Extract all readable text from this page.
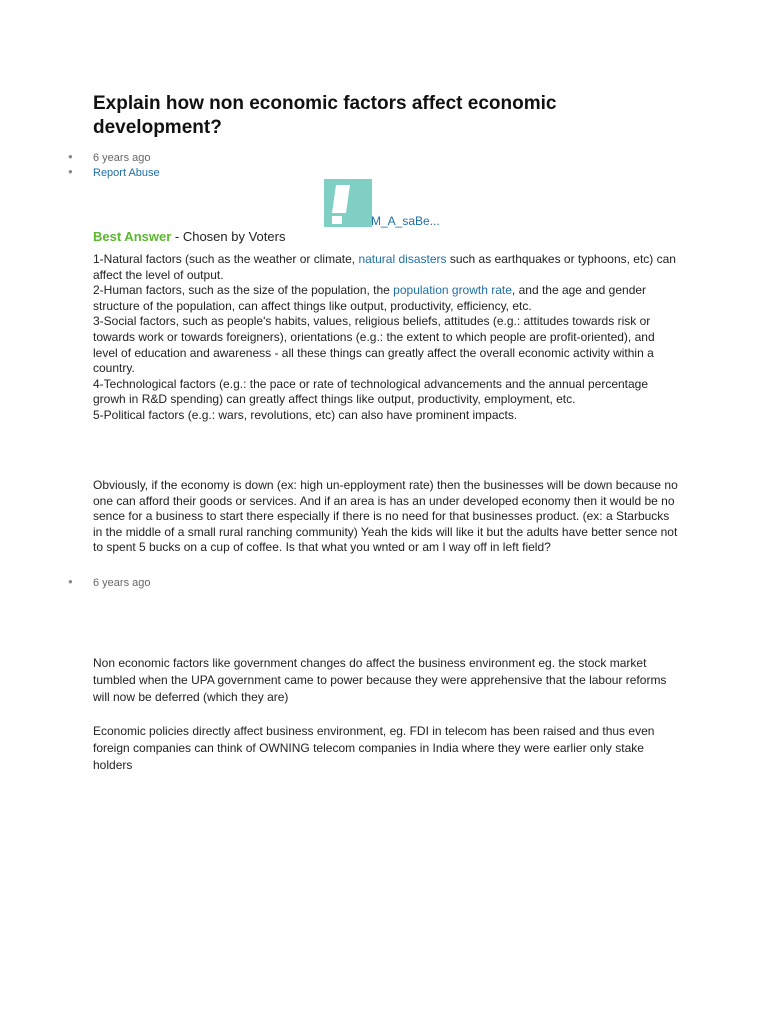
Explain how non economic factors affect economic development?
● 6 years ago
● Report Abuse
M_A_saBe...
Best Answer - Chosen by Voters

1-Natural factors (such as the weather or climate, natural disasters such as earthquakes or typhoons, etc) can affect the level of output.

2-Human factors, such as the size of the population, the population growth rate, and the age and gender structure of the population, can affect things like output, productivity, efficiency, etc.

3-Social factors, such as people's habits, values, religious beliefs, attitudes (e.g.: attitudes towards risk or towards work or towards foreigners), orientations (e.g.: the extent to which people are profit-oriented), and level of education and awareness - all these things can greatly affect the overall economic activity within a country.

4-Technological factors (e.g.: the pace or rate of technological advancements and the annual percentage growh in R&D spending) can greatly affect things like output, productivity, employment, etc.

5-Political factors (e.g.: wars, revolutions, etc) can also have prominent impacts.

Obviously, if the economy is down (ex: high un-epployment rate) then the businesses will be down because no one can afford their goods or services. And if an area is has an under developed economy then it would be no sence for a business to start there especially if there is no need for that businesses product. (ex: a Starbucks in the middle of a small rural ranching community) Yeah the kids will like it but the adults have better sence not to spent 5 bucks on a cup of coffee. Is that what you wnted or am I way off in left field?

● 6 years ago

Non economic factors like government changes do affect the business environment eg. the stock market tumbled when the UPA government came to power because they were apprehensive that the labour reforms will now be deferred (which they are)

Economic policies directly affect business environment, eg. FDI in telecom has been raised and thus even foreign companies can think of OWNING telecom companies in India where they were earlier only stake holders
